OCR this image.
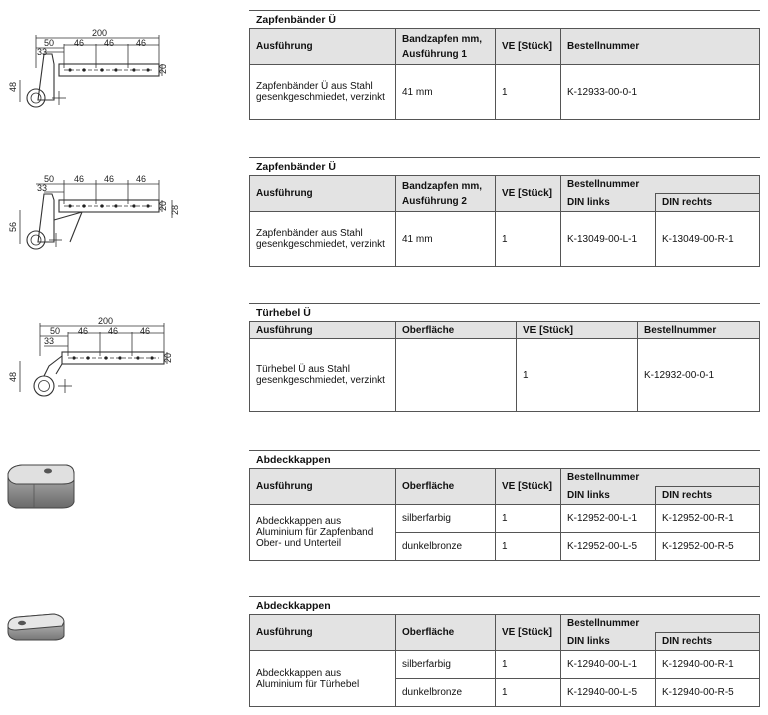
200
50
33
46 46 46
48
20
50
33
46 46 46
56
20 28
200
50
33
46 46 46
48
20
Zapfenbänder Ü
Ausführung	Bandzapfen mm, Ausführung 1	VE [Stück]	Bestellnummer
Zapfenbänder Ü aus Stahl gesenkgeschmiedet, verzinkt	41 mm	1	K-12933-00-0-1
Zapfenbänder Ü
Ausführung	Bandzapfen mm, Ausführung 2	VE [Stück]	Bestellnummer	
			DIN links	DIN rechts
Zapfenbänder aus Stahl gesenkgeschmiedet, verzinkt	41 mm	1	K-13049-00-L-1	K-13049-00-R-1
Türhebel Ü
Ausführung	Oberfläche	VE [Stück]	Bestellnummer
Türhebel Ü aus Stahl gesenkgeschmiedet, verzinkt		1	K-12932-00-0-1
Abdeckkappen
Ausführung	Oberfläche	VE [Stück]	Bestellnummer	
			DIN links	DIN rechts
Abdeckkappen aus Aluminium für Zapfenband Ober- und Unterteil	silberfarbig	1	K-12952-00-L-1	K-12952-00-R-1
	dunkelbronze	1	K-12952-00-L-5	K-12952-00-R-5
Abdeckkappen
Ausführung	Oberfläche	VE [Stück]	Bestellnummer	
			DIN links	DIN rechts
Abdeckkappen aus Aluminium für Türhebel	silberfarbig	1	K-12940-00-L-1	K-12940-00-R-1
	dunkelbronze	1	K-12940-00-L-5	K-12940-00-R-5
